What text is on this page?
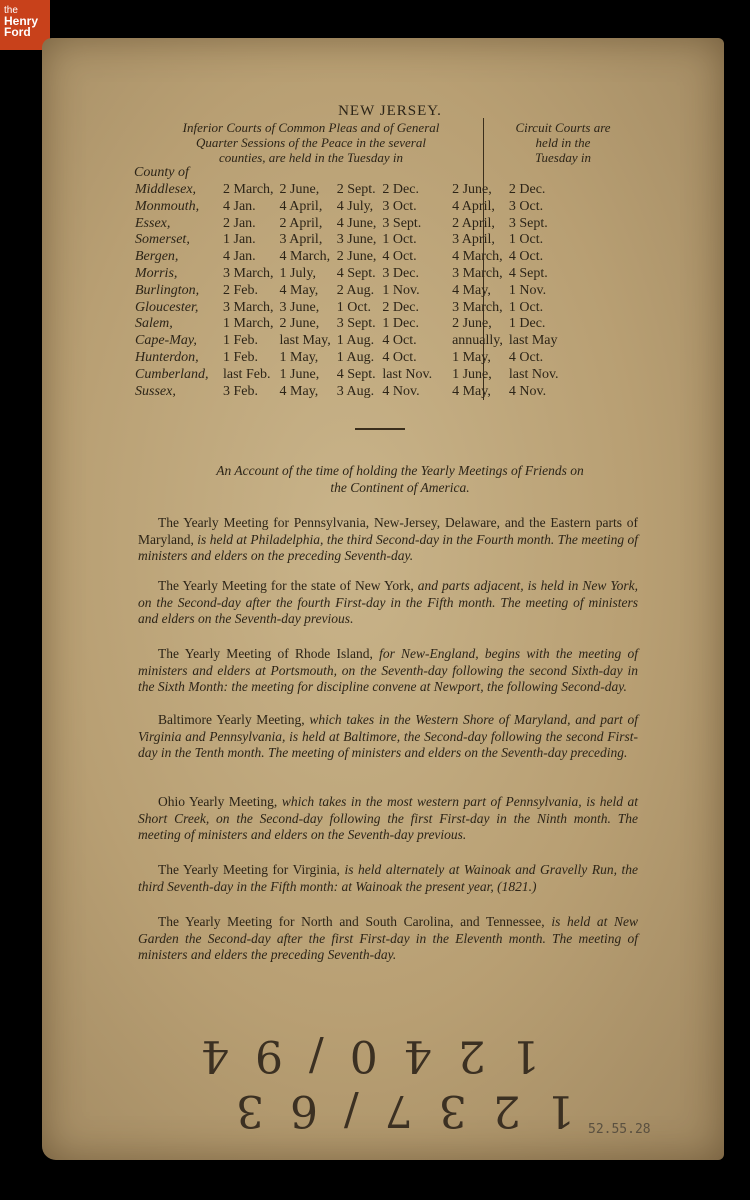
the
Henry
Ford
NEW JERSEY.
Inferior Courts of Common Pleas and of General
Quarter Sessions of the Peace in the several
counties, are held in the Tuesday in
Circuit Courts are
held in the
Tuesday in
County of
Middlesex,	2 March,	2 June,	2 Sept.	2 Dec.		2 June,	2 Dec.
Monmouth,	4 Jan.	4 April,	4 July,	3 Oct.		4 April,	3 Oct.
Essex,	2 Jan.	2 April,	4 June,	3 Sept.		2 April,	3 Sept.
Somerset,	1 Jan.	3 April,	3 June,	1 Oct.		3 April,	1 Oct.
Bergen,	4 Jan.	4 March,	2 June,	4 Oct.		4 March,	4 Oct.
Morris,	3 March,	1 July,	4 Sept.	3 Dec.		3 March,	4 Sept.
Burlington,	2 Feb.	4 May,	2 Aug.	1 Nov.		4 May,	1 Nov.
Gloucester,	3 March,	3 June,	1 Oct.	2 Dec.		3 March,	1 Oct.
Salem,	1 March,	2 June,	3 Sept.	1 Dec.		2 June,	1 Dec.
Cape-May,	1 Feb.	last May,	1 Aug.	4 Oct.		annually,	last May
Hunterdon,	1 Feb.	1 May,	1 Aug.	4 Oct.		1 May,	4 Oct.
Cumberland,	last Feb.	1 June,	4 Sept.	last Nov.		1 June,	last Nov.
Sussex,	3 Feb.	4 May,	3 Aug.	4 Nov.		4 May,	4 Nov.
An Account of the time of holding the Yearly Meetings of Friends on
the Continent of America.
The Yearly Meeting for Pennsylvania, New-Jersey, Delaware, and the Eastern parts of Maryland, is held at Philadelphia, the third Second-day in the Fourth month. The meeting of ministers and elders on the preceding Seventh-day.
The Yearly Meeting for the state of New York, and parts adjacent, is held in New York, on the Second-day after the fourth First-day in the Fifth month. The meeting of ministers and elders on the Seventh-day previous.
The Yearly Meeting of Rhode Island, for New-England, begins with the meeting of ministers and elders at Portsmouth, on the Seventh-day following the second Sixth-day in the Sixth Month: the meeting for discipline convene at Newport, the following Second-day.
Baltimore Yearly Meeting, which takes in the Western Shore of Maryland, and part of Virginia and Pennsylvania, is held at Baltimore, the Second-day following the second First-day in the Tenth month. The meeting of ministers and elders on the Seventh-day preceding.
Ohio Yearly Meeting, which takes in the most western part of Pennsylvania, is held at Short Creek, on the Second-day following the first First-day in the Ninth month. The meeting of ministers and elders on the Seventh-day previous.
The Yearly Meeting for Virginia, is held alternately at Wainoak and Gravelly Run, the third Seventh-day in the Fifth month: at Wainoak the present year, (1821.)
The Yearly Meeting for North and South Carolina, and Tennessee, is held at New Garden the Second-day after the first First-day in the Eleventh month. The meeting of ministers and elders the preceding Seventh-day.
1 2 4 0 / 9 4
1 2 3 7 / 6 3 52.55.28
